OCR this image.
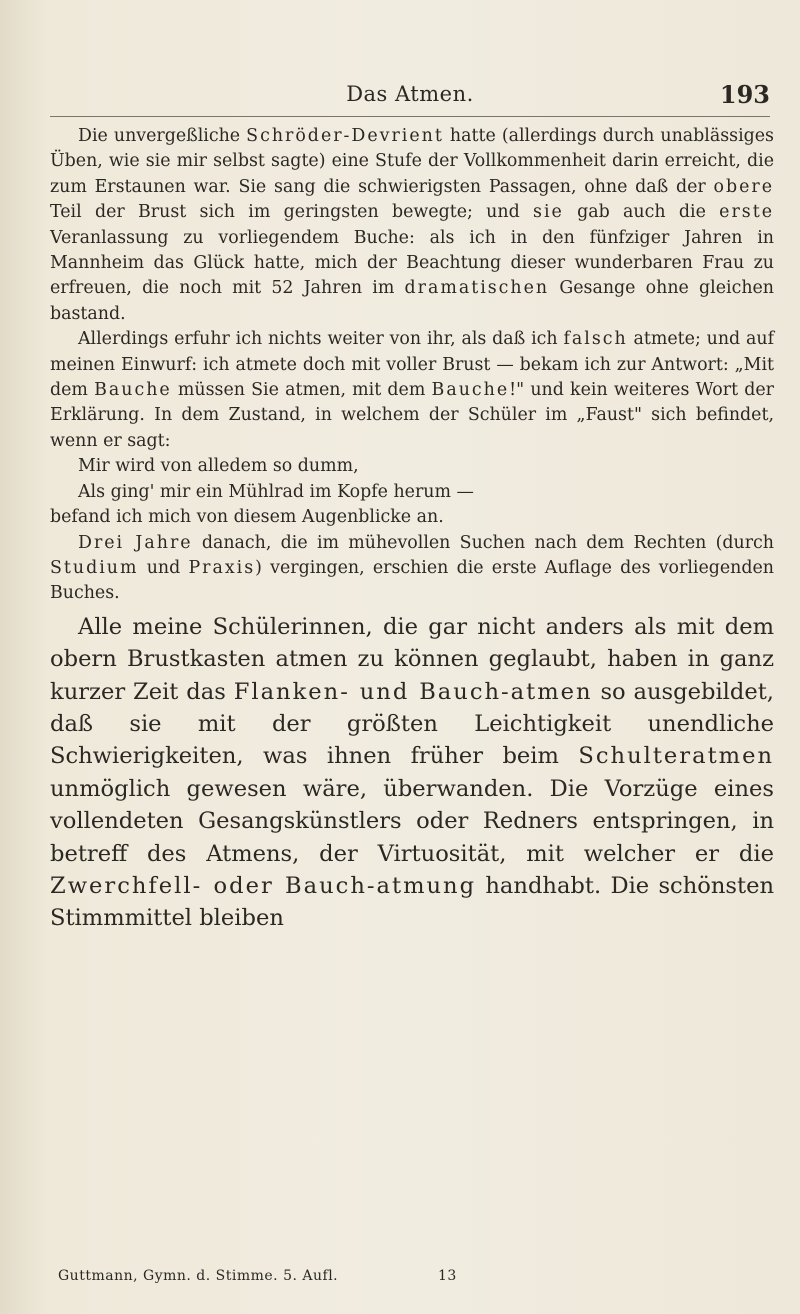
Das Atmen.	193

Die unvergeßliche Schröder-Devrient hatte (allerdings durch unablässiges Üben, wie sie mir selbst sagte) eine Stufe der Vollkommenheit darin erreicht, die zum Erstaunen war. Sie sang die schwierigsten Passagen, ohne daß der obere Teil der Brust sich im geringsten bewegte; und sie gab auch die erste Veranlassung zu vorliegendem Buche: als ich in den fünfziger Jahren in Mannheim das Glück hatte, mich der Beachtung dieser wunderbaren Frau zu erfreuen, die noch mit 52 Jahren im dramatischen Gesange ohne gleichen bastand.

Allerdings erfuhr ich nichts weiter von ihr, als daß ich falsch atmete; und auf meinen Einwurf: ich atmete doch mit voller Brust — bekam ich zur Antwort: „Mit dem Bauche müssen Sie atmen, mit dem Bauche!" und kein weiteres Wort der Erklärung. In dem Zustand, in welchem der Schüler im „Faust" sich befindet, wenn er sagt:

Mir wird von alledem so dumm,

Als ging' mir ein Mühlrad im Kopfe herum —

befand ich mich von diesem Augenblicke an.

Drei Jahre danach, die im mühevollen Suchen nach dem Rechten (durch Studium und Praxis) vergingen, erschien die erste Auflage des vorliegenden Buches.

Alle meine Schülerinnen, die gar nicht anders als mit dem obern Brustkasten atmen zu können geglaubt, haben in ganz kurzer Zeit das Flanken- und Bauch-atmen so ausgebildet, daß sie mit der größten Leichtigkeit unendliche Schwierigkeiten, was ihnen früher beim Schulteratmen unmöglich gewesen wäre, überwanden. Die Vorzüge eines vollendeten Gesangskünstlers oder Redners entspringen, in betreff des Atmens, der Virtuosität, mit welcher er die Zwerchfell- oder Bauch-atmung handhabt. Die schönsten Stimmmittel bleiben

Guttmann, Gymn. d. Stimme. 5. Aufl.	13
